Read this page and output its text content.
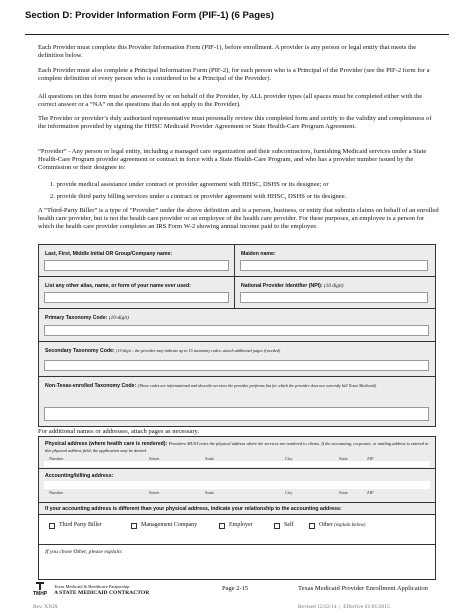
Section D: Provider Information Form (PIF-1) (6 Pages)

Each Provider must complete this Provider Information Form (PIF-1), before enrollment. A provider is any person or legal entity that meets the definition below.

Each Provider must also complete a Principal Information Form (PIF-2), for each person who is a Principal of the Provider (see the PIF-2 form for a complete definition of every person who is considered to be a Principal of the Provider).

All questions on this form must be answered by or on behalf of the Provider, by ALL provider types (all spaces must be completed either with the correct answer or a “NA” on the questions that do not apply to the Provider).

The Provider or provider’s duly authorized representative must personally review this completed form and certify to the validity and completeness of the information provided by signing the HHSC Medicaid Provider Agreement or State Health-Care Program Agreement.

“Provider” - Any person or legal entity, including a managed care organization and their subcontractors, furnishing Medicaid services under a State Health-Care Program provider agreement or contract in force with a State Health-Care Program, and who has a provider number issued by the Commission or their designee to:

1. provide medical assistance under contract or provider agreement with HHSC, DSHS or its designee; or

2. provide third party billing services under a contract or provider agreement with HHSC, DSHS or its designee.

A “Third-Party Biller” is a type of “Provider” under the above definition and is a person, business, or entity that submits claims on behalf of an enrolled health care provider, but is not the health care provider or an employee of the health care provider. For these purposes, an employee is a person for which the health care provider completes an IRS Form W-2 showing annual income paid to the employee.

Last, First, Middle Initial OR Group/Company name:	Maiden name:
List any other alias, name, or form of your name ever used:	National Provider Identifier (NPI): (10 digit)
Primary Taxonomy Code: (10-digit)
Secondary Taxonomy Code: (10-digit – the provider may indicate up to 15 taxonomy codes; attach additional pages if needed)
Non-Texas-enrolled Taxonomy Code: (These codes are informational and describe services the provider performs but for which the provider does not currently bill Texas Medicaid)
For additional names or addresses, attach pages as necessary.
Physical address (where health care is rendered): Providers MUST enter the physical address where the services are rendered to clients. If the accounting, corporate, or mailing address is entered in this physical address field, the application may be denied.
Number	Street	Suite	City	State	ZIP
Accounting/billing address:
Number	Street	Suite	City	State	ZIP
If your accounting address is different than your physical address, indicate your relationship to the accounting address:
Third Party Biller	Management Company	Employer	Self	Other (explain below)
If you chose Other, please explain:
TMHP
Texas Medicaid & Healthcare Partnership
A STATE MEDICAID CONTRACTOR
Page 2-15	Texas Medicaid Provider Enrollment Application
Rev. XXIX	Revised 12/22/14  |  Effective 01/01/2015
